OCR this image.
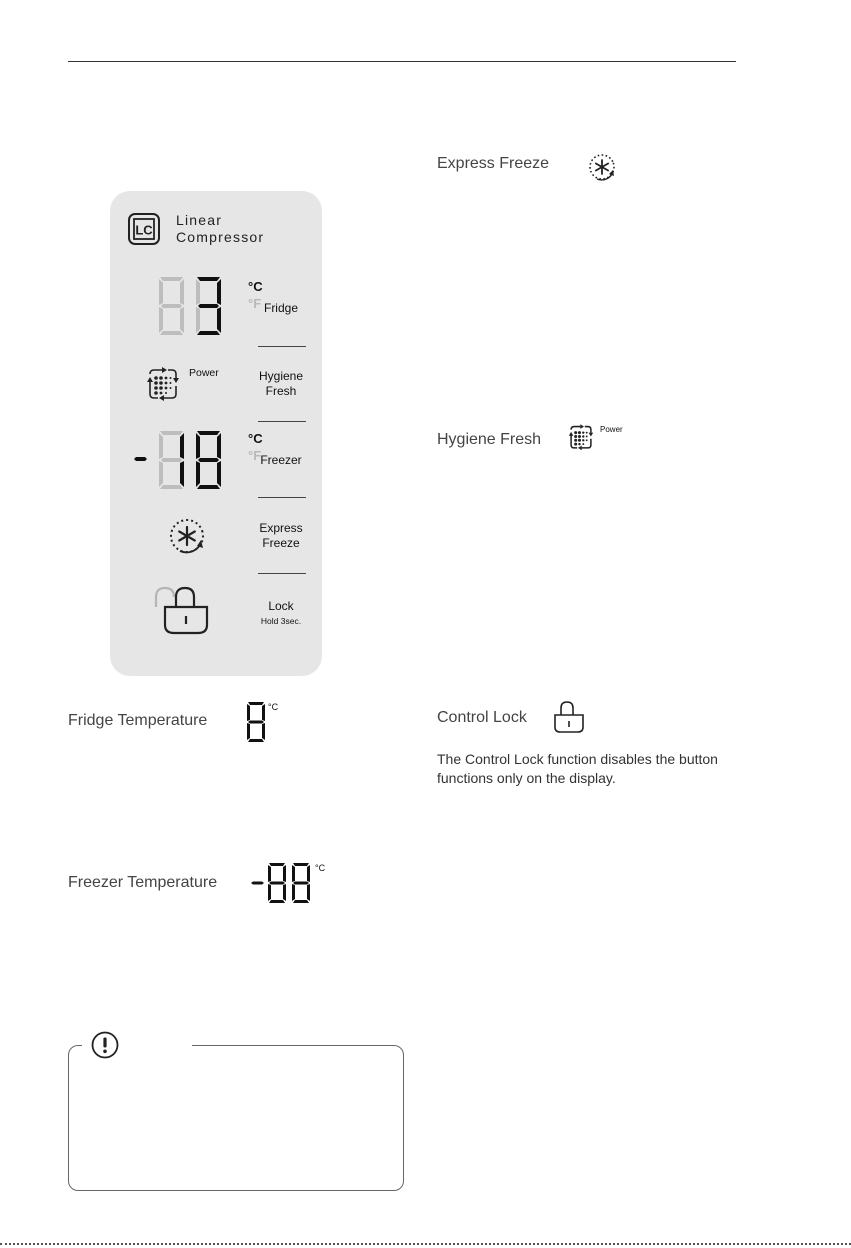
LC
Linear
Compressor
°C
°F Fridge
Power	Hygiene
Fresh
°C
°F Freezer
Express
Freeze
Lock
Hold 3sec.
Express Freeze
Hygiene Fresh
Power
Control Lock
The Control Lock function disables the button
functions only on the display.
Fridge Temperature
°C
Freezer Temperature
°C
